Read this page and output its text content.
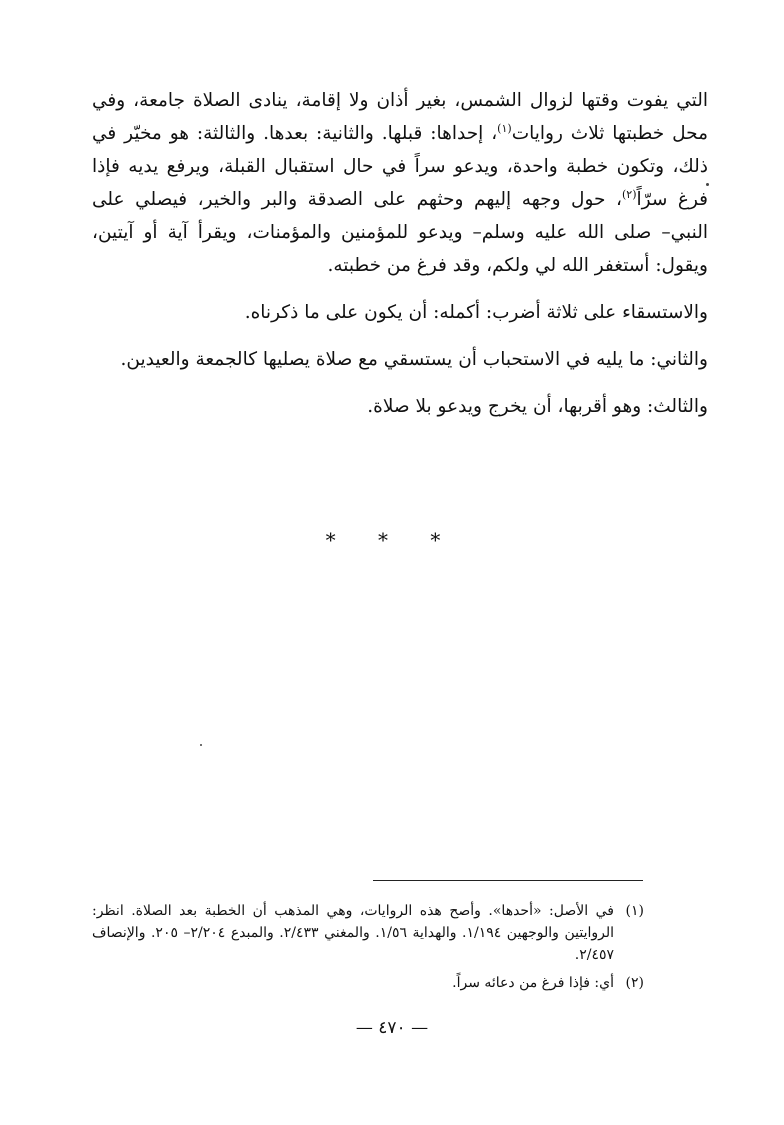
التي يفوت وقتها لزوال الشمس، بغير أذان ولا إقامة، ينادى الصلاة جامعة، وفي محل خطبتها ثلاث روايات$^{(١)}$، إحداها: قبلها. والثانية: بعدها. والثالثة: هو مخيّر في ذلك، وتكون خطبة واحدة، ويدعو سراً في حال استقبال القبلة، ويرفع يديه فإذا فرغ سرّاً$^{(٢)}$، حول وجهه إليهم وحثهم على الصدقة والبر والخير، فيصلي على النبي– صلى الله عليه وسلم– ويدعو للمؤمنين والمؤمنات، ويقرأ آية أو آيتين، ويقول: أستغفر الله لي ولكم، وقد فرغ من خطبته.

والاستسقاء على ثلاثة أضرب: أكمله: أن يكون على ما ذكرناه.

والثاني: ما يليه في الاستحباب أن يستسقي مع صلاة يصليها كالجمعة والعيدين.

والثالث: وهو أقربها، أن يخرج ويدعو بلا صلاة.

* * *
(١)
في الأصل: «أحدها». وأصح هذه الروايات، وهي المذهب أن الخطبة بعد الصلاة. انظر: الروايتين والوجهين ١/١٩٤. والهداية ١/٥٦. والمغني ٢/٤٣٣. والمبدع ٢/٢٠٤– ٢٠٥. والإنصاف ٢/٤٥٧.
(٢)
أي: فإذا فرغ من دعائه سراً.
— ٤٧٠ —
